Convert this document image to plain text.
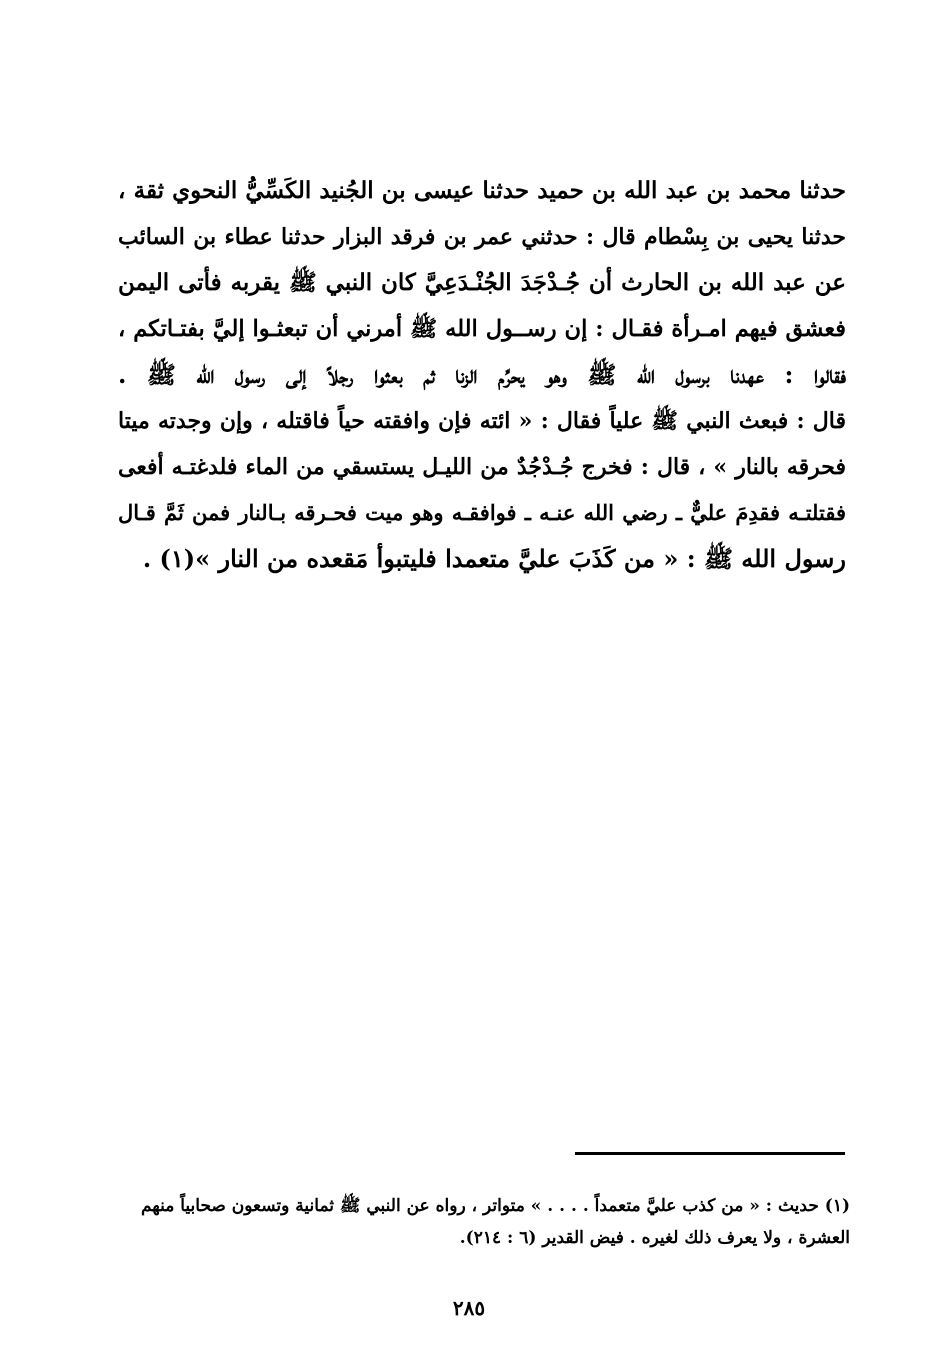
حدثنا محمد بن عبد الله بن حميد حدثنا عيسى بن الجُنيد الكَسِّيُّ النحوي ثقة ،
حدثنا يحيى بن بِسْطام قال : حدثني عمر بن فرقد البزار حدثنا عطاء بن السائب
عن عبد الله بن الحارث أن جُـدْجَدَ الجُنْـدَعِيَّ كان النبي ﷺ يقربه فأتى اليمن
فعشق فيهم امـرأة فقـال : إن رســول الله ﷺ أمرني أن تبعثـوا إليَّ بفتـاتكم ،
فقالوا : عهدنا برسول الله ﷺ وهو يحرِّم الزنا ثم بعثوا رجلاً إلى رسول الله ﷺ .
قال : فبعث النبي ﷺ علياً فقال : « ائته فإن وافقته حياً فاقتله ، وإن وجدته ميتا
فحرقه بالنار » ، قال : فخرج جُـدْجُدٌ من الليـل يستسقي من الماء فلدغتـه أفعى
فقتلتـه فقدِمَ عليٌّ ـ رضي الله عنـه ـ فوافقـه وهو ميت فحـرقه بـالنار فمن ثَمَّ قـال
رسول الله ﷺ : « من كَذَبَ عليَّ متعمدا فليتبوأ مَقعده من النار »(١) .
(١) حديث : « من كذب عليَّ متعمداً . . . . » متواتر ، رواه عن النبي ﷺ ثمانية وتسعون صحابياً منهم
العشرة ، ولا يعرف ذلك لغيره . فيض القدير (٦ : ٢١٤).
٢٨٥
